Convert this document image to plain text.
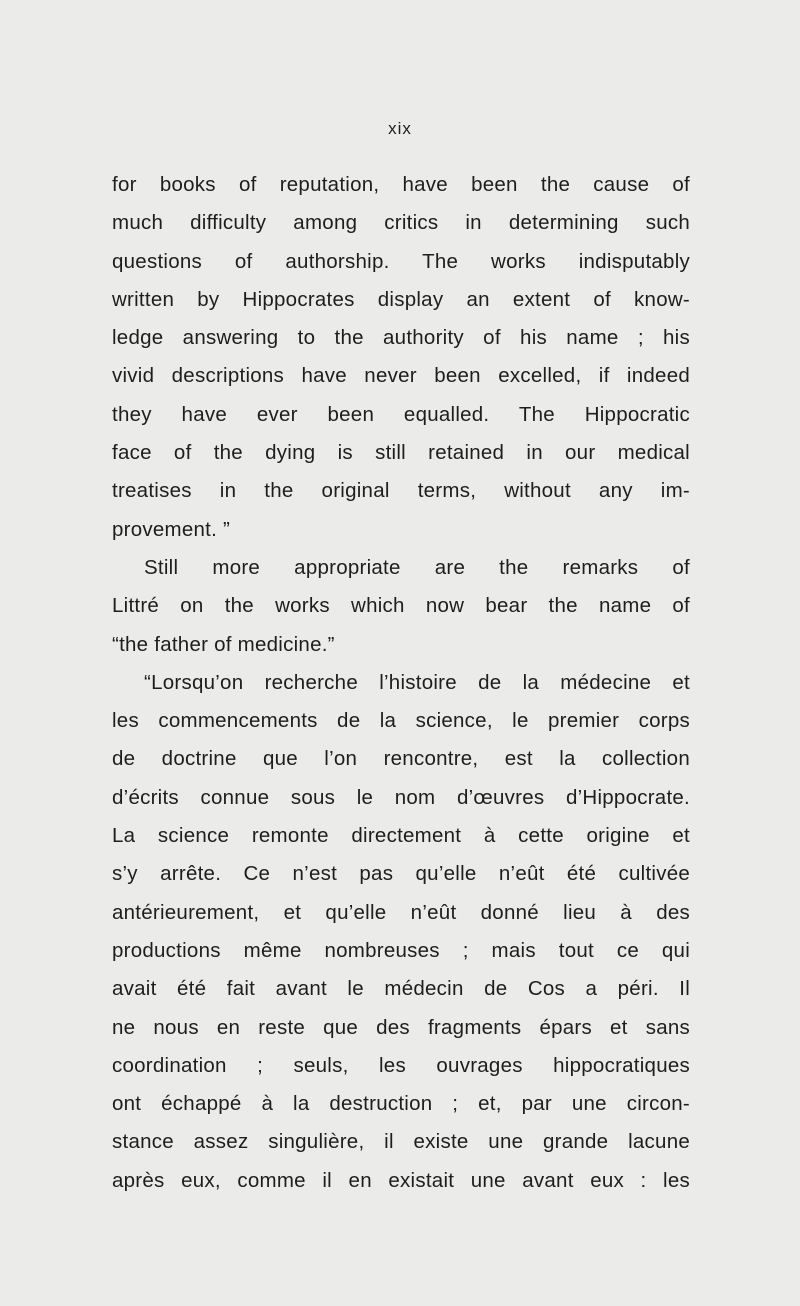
xix
for books of reputation, have been the cause of
much difficulty among critics in determining such
questions of authorship. The works indisputably
written by Hippocrates display an extent of know-
ledge answering to the authority of his name ; his
vivid descriptions have never been excelled, if indeed
they have ever been equalled. The Hippocratic
face of the dying is still retained in our medical
treatises in the original terms, without any im-
provement. ”
Still more appropriate are the remarks of
Littré on the works which now bear the name of
“the father of medicine.”
“Lorsqu’on recherche l’histoire de la médecine et
les commencements de la science, le premier corps
de doctrine que l’on rencontre, est la collection
d’écrits connue sous le nom d’œuvres d’Hippocrate.
La science remonte directement à cette origine et
s’y arrête. Ce n’est pas qu’elle n’eût été cultivée
antérieurement, et qu’elle n’eût donné lieu à des
productions même nombreuses ; mais tout ce qui
avait été fait avant le médecin de Cos a péri. Il
ne nous en reste que des fragments épars et sans
coordination ; seuls, les ouvrages hippocratiques
ont échappé à la destruction ; et, par une circon-
stance assez singulière, il existe une grande lacune
après eux, comme il en existait une avant eux : les
